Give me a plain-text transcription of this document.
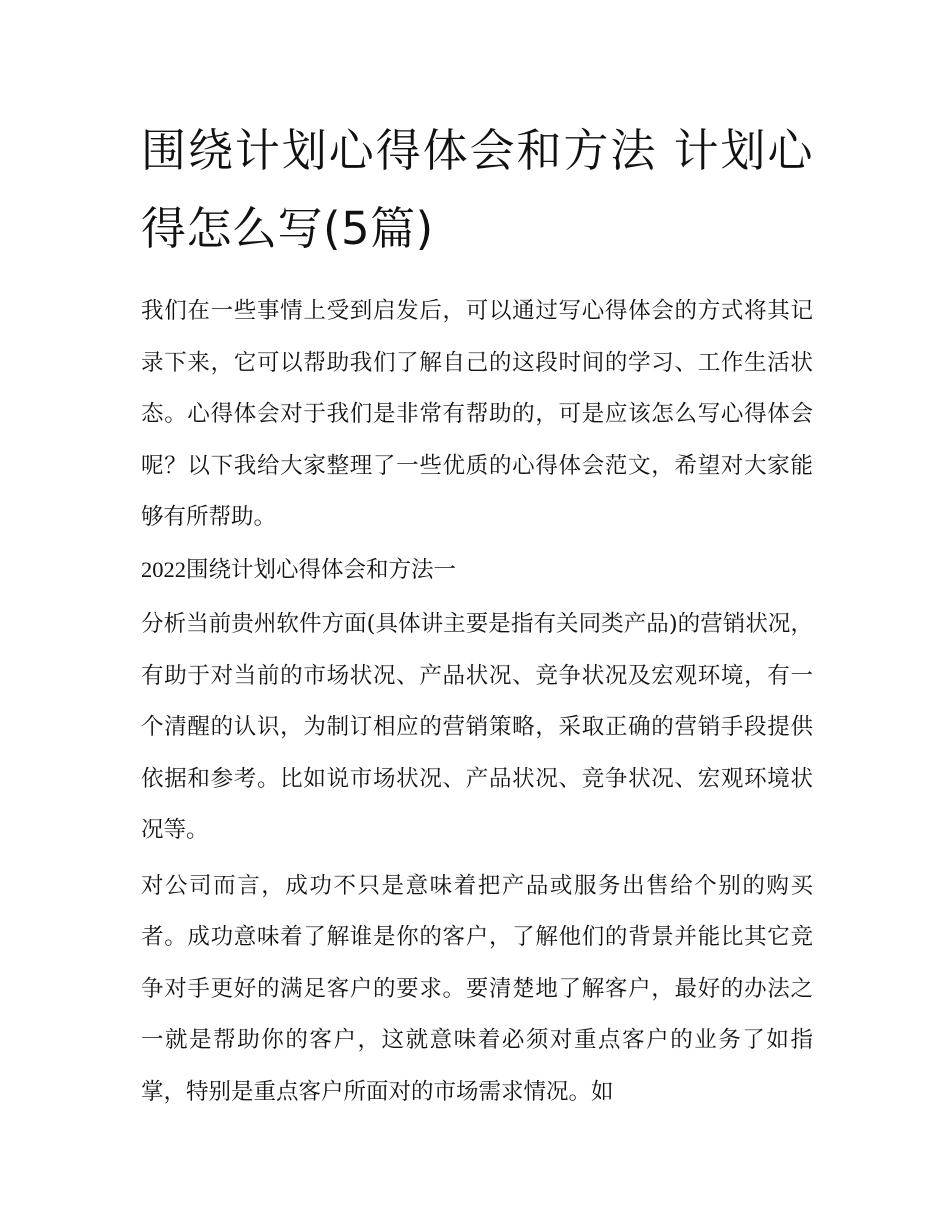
围绕计划心得体会和方法 计划心得怎么写(5篇)

我们在一些事情上受到启发后，可以通过写心得体会的方式将其记录下来，它可以帮助我们了解自己的这段时间的学习、工作生活状态。心得体会对于我们是非常有帮助的，可是应该怎么写心得体会呢？以下我给大家整理了一些优质的心得体会范文，希望对大家能够有所帮助。

2022围绕计划心得体会和方法一

分析当前贵州软件方面(具体讲主要是指有关同类产品)的营销状况，有助于对当前的市场状况、产品状况、竞争状况及宏观环境，有一个清醒的认识，为制订相应的营销策略，采取正确的营销手段提供依据和参考。比如说市场状况、产品状况、竞争状况、宏观环境状况等。

对公司而言，成功不只是意味着把产品或服务出售给个别的购买者。成功意味着了解谁是你的客户，了解他们的背景并能比其它竞争对手更好的满足客户的要求。要清楚地了解客户，最好的办法之一就是帮助你的客户，这就意味着必须对重点客户的业务了如指掌，特别是重点客户所面对的市场需求情况。如
